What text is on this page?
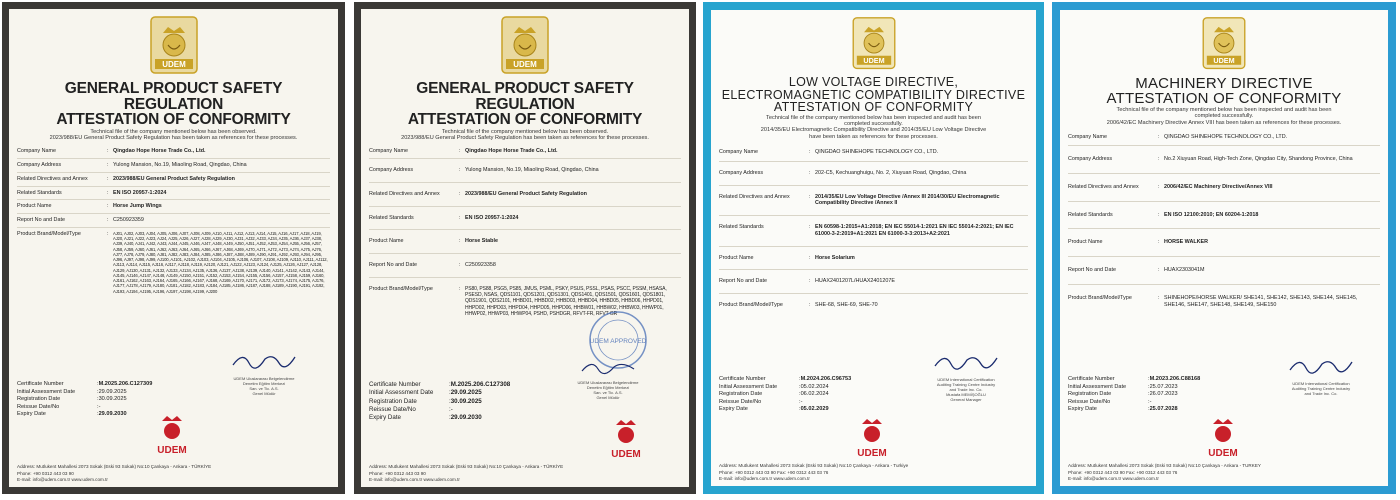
UDEM
GENERAL PRODUCT SAFETY REGULATION
ATTESTATION OF CONFORMITY
Technical file of the company mentioned below has been observed.
2023/988/EU General Product Safety Regulation has been taken as references for these processes.
Company Name	: Qingdao Hope Horse Trade Co., Ltd.
Company Address	: Yulong Mansion, No.19, Miaoling Road, Qingdao, China
Related Directives and Annex	: 2023/988/EU General Product Safety Regulation
Related Standards	: EN ISO 20957-1:2024
Product Name	: Horse Jump Wings
Report No and Date	: C250923359
Product Brand/Model/Type	:	AJ01, AJ02, AJ03, AJ04, AJ05, AJ06, AJ07, AJ08, AJ09, AJ10, AJ11, AJ12, AJ13, AJ14, AJ15, AJ16, AJ17, AJ18, AJ19, AJ20, AJ21, AJ22, AJ23, AJ24, AJ25, AJ26, AJ27, AJ28, AJ29, AJ30, AJ31, AJ32, AJ33, AJ34, AJ35, AJ36, AJ37, AJ38, AJ39, AJ40, AJ41, AJ42, AJ43, AJ44, AJ45, AJ46, AJ47, AJ48, AJ49, AJ50, AJ51, AJ52, AJ53, AJ54, AJ55, AJ56, AJ57, AJ58, AJ59, AJ60, AJ61, AJ62, AJ63, AJ64, AJ65, AJ66, AJ67, AJ68, AJ69, AJ70, AJ71, AJ72, AJ73, AJ74, AJ75, AJ76, AJ77, AJ78, AJ79, AJ80, AJ81, AJ82, AJ83, AJ84, AJ85, AJ86, AJ87, AJ88, AJ89, AJ90, AJ91, AJ92, AJ93, AJ94, AJ95, AJ96, AJ97, AJ98, AJ99, AJ100, AJ101, AJ102, AJ103, AJ104, AJ105, AJ106, AJ107, AJ108, AJ109, AJ110, AJ111, AJ112, AJ113, AJ114, AJ115, AJ116, AJ117, AJ118, AJ119, AJ120, AJ121, AJ122, AJ123, AJ124, AJ125, AJ126, AJ127, AJ128, AJ129, AJ130, AJ131, AJ132, AJ133, AJ134, AJ135, AJ136, AJ137, AJ138, AJ139, AJ140, AJ141, AJ142, AJ143, AJ144, AJ145, AJ146, AJ147, AJ148, AJ149, AJ150, AJ151, AJ152, AJ153, AJ154, AJ155, AJ156, AJ157, AJ158, AJ159, AJ160, AJ161, AJ162, AJ163, AJ164, AJ165, AJ166, AJ167, AJ168, AJ169, AJ170, AJ171, AJ172, AJ173, AJ174, AJ175, AJ176, AJ177, AJ178, AJ179, AJ180, AJ181, AJ182, AJ183, AJ184, AJ185, AJ186, AJ187, AJ188, AJ189, AJ190, AJ191, AJ192, AJ193, AJ194, AJ195, AJ196, AJ197, AJ198, AJ199, AJ200
Certificate Number	: M.2025.206.C127309
Initial Assessment Date	: 29.09.2025
Registration Date	: 30.09.2025
Reissue Date/No	: -
Expiry Date	: 29.09.2030
UDEM Uluslararası Belgelendirme
Denetim Eğitim Merkezi
San. ve Tic. A.S.
Genel Müdür
UDEM
Address: Mutlukent Mahallesi 2073 Sokak (Eski 93 Sokak) No:10 Çankaya - Ankara - TÜRKİYE
Phone: +90 0312 443 03 90
E-mail: info@udem.com.tr www.udem.com.tr
UDEM
GENERAL PRODUCT SAFETY REGULATION
ATTESTATION OF CONFORMITY
Technical file of the company mentioned below has been observed.
2023/988/EU General Product Safety Regulation has been taken as references for these processes.
Company Name	: Qingdao Hope Horse Trade Co., Ltd.
Company Address	: Yulong Mansion, No.19, Miaoling Road, Qingdao, China
Related Directives and Annex	: 2023/988/EU General Product Safety Regulation
Related Standards	: EN ISO 20957-1:2024
Product Name	: Horse Stable
Report No and Date	: C250923358
Product Brand/Model/Type	: PS80, PS88, PSG5, PS85, JMUS, PSML, PSKY, PSUS, PSSL, PSAS, PSCC, PSSM, HSASA, PSESD, NSAS, QDS1101, QDS1201, QDS1301, QDS1401, QDS1501, QDS1601, QDS1801, QDS1901, QDS2101, HHBD01, HHBD02, HHBD03, HHBD04, HHBD05, HHBD06, HHPD01, HHPD02, HHPD03, HHPD04, HHPD05, HHPD06, HHBW01, HHBW02, HHBW03, HHWP01, HHWP02, HHWP03, HHWP04, PSHD, PSHDGR, RFVT-FR, RFVT-GR
UDEM APPROVED
Certificate Number	: M.2025.206.C127308
Initial Assessment Date	: 29.09.2025
Registration Date	: 30.09.2025
Reissue Date/No	: -
Expiry Date	: 29.09.2030
UDEM Uluslararası Belgelendirme
Denetim Eğitim Merkezi
San. ve Tic. A.S.
Genel Müdür
UDEM
Address: Mutlukent Mahallesi 2073 Sokak (Eski 93 Sokak) No:10 Çankaya - Ankara - TÜRKİYE
Phone: +90 0312 443 03 90
E-mail: info@udem.com.tr www.udem.com.tr
UDEM
LOW VOLTAGE DIRECTIVE,
ELECTROMAGNETIC COMPATIBILITY DIRECTIVE
ATTESTATION OF CONFORMITY
Technical file of the company mentioned below has been inspected and audit has been
completed successfully.
2014/35/EU Electromagnetic Compatibility Directive and 2014/35/EU Low Voltage Directive
have been taken as references for these processes.
Company Name	: QINGDAO SHINEHOPE TECHNOLOGY CO., LTD.
Company Address	: 202-C5, Kechuanghuigu, No. 2, Xiuyuan Road, Qingdao, China
Related Directives and Annex	: 2014/35/EU Low Voltage Directive /Annex III 2014/30/EU Electromagnetic Compatibility Directive /Annex II
Related Standards	: EN 60598-1:2015+A1:2018; EN IEC 55014-1:2021 EN IEC 55014-2:2021; EN IEC 61000-3-2:2019+A1:2021 EN 61000-3-3:2013+A2:2021
Product Name	: Horse Solarium
Report No and Date	: HUAX2401207L/HUAX2401207E
Product Brand/Model/Type	: SHE-68, SHE-69, SHE-70
Certificate Number	: M.2024.206.C96753
Initial Assessment Date	: 05.02.2024
Registration Date	: 06.02.2024
Reissue Date/No	: -
Expiry Date	: 05.02.2029
UDEM International Certification
Auditing Training Centre Industry
and Trade Inc. Co.
Mustafa MEMİŞOĞLU
General Manager
UDEM
Address: Mutlukent Mahallesi 2073 Sokak (Eski 93 Sokak) No:10 Çankaya - Ankara - Turkiye
Phone: +90 0312 443 03 90 Fax: +90 0312 443 03 76
E-mail: info@udem.com.tr www.udem.com.tr
UDEM
MACHINERY DIRECTIVE
ATTESTATION OF CONFORMITY
Technical file of the company mentioned below has been inspected and audit has been
completed successfully.
2006/42/EC Machinery Directive Annex VIII has been taken as references for these processes.
Company Name	: QINGDAO SHINEHOPE TECHNOLOGY CO., LTD.
Company Address	: No.2 Xiuyuan Road, High-Tech Zone, Qingdao City, Shandong Province, China
Related Directives and Annex	: 2006/42/EC Machinery Directive/Annex VIII
Related Standards	: EN ISO 12100:2010; EN 60204-1:2018
Product Name	: HORSE WALKER
Report No and Date	: HUAX2303041M
Product Brand/Model/Type	: SHINEHOPE/HORSE WALKER/ SHE141, SHE142, SHE143, SHE144, SHE145, SHE146, SHE147, SHE148, SHE149, SHE150
Certificate Number	: M.2023.206.C88168
Initial Assessment Date	: 25.07.2023
Registration Date	: 26.07.2023
Reissue Date/No	: -
Expiry Date	: 25.07.2028
UDEM International Certification
Auditing Training Centre Industry
and Trade Inc. Co.
UDEM
Address: Mutlukent Mahallesi 2073 Sokak (Eski 93 Sokak) No:10 Çankaya - Ankara - TURKEY
Phone: +90 0312 443 03 90 Fax: +90 0312 443 03 76
E-mail: info@udem.com.tr www.udem.com.tr
